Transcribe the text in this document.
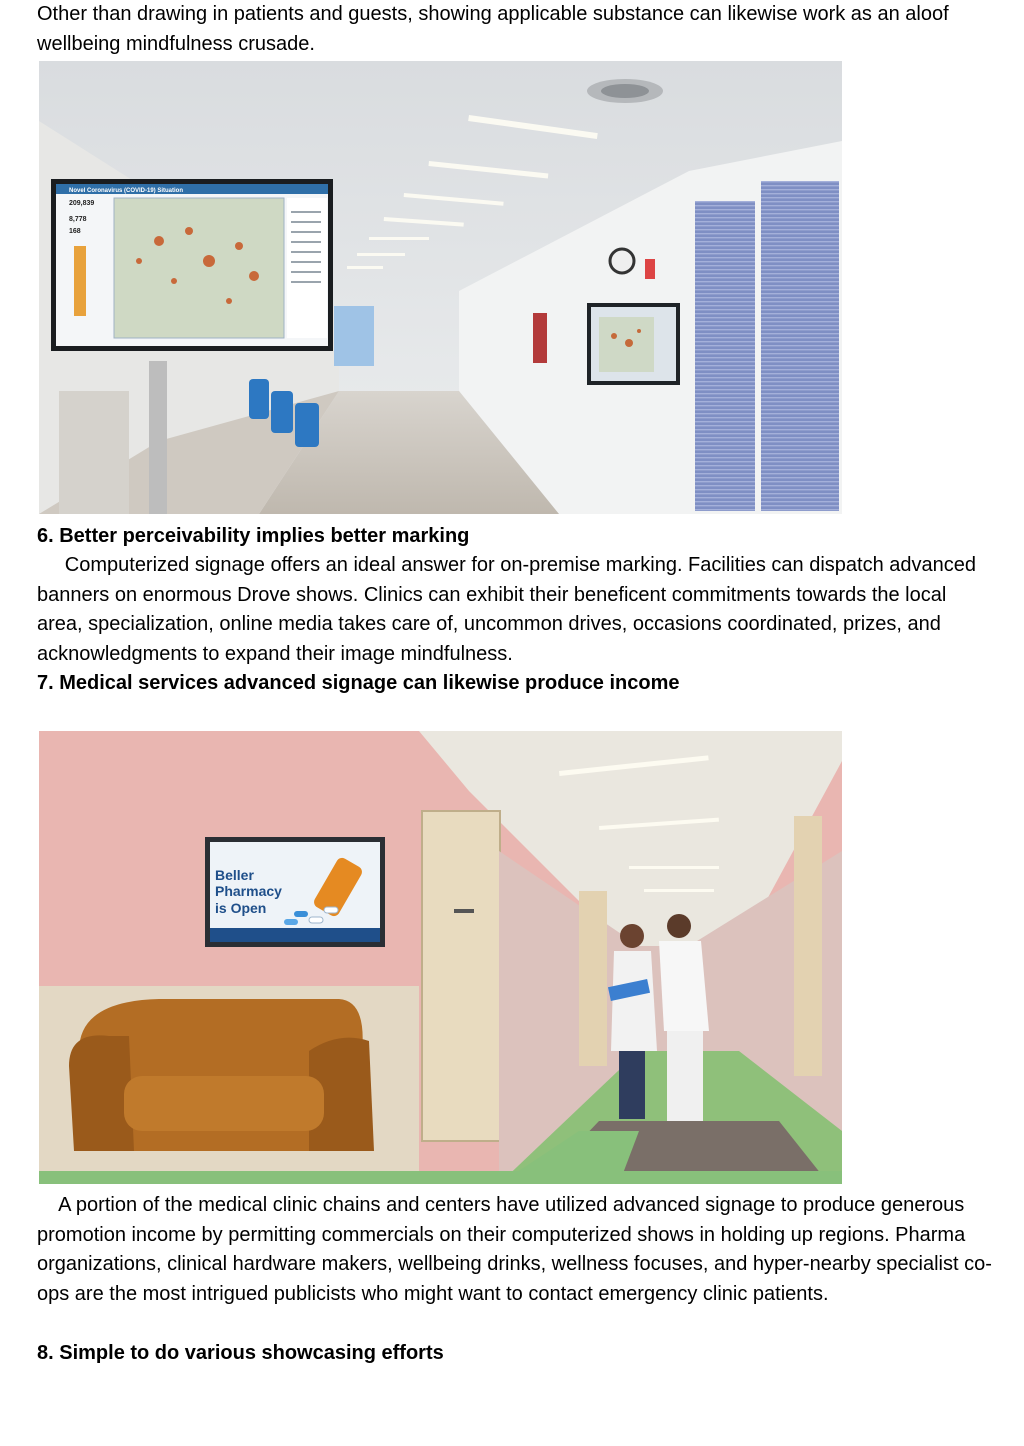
Other than drawing in patients and guests, showing applicable substance can likewise work as an aloof wellbeing mindfulness crusade.

Novel Coronavirus (COVID-19) Situation
209,839
8,778
168

6. Better perceivability implies better marking

Computerized signage offers an ideal answer for on-premise marking. Facilities can dispatch advanced banners on enormous Drove shows. Clinics can exhibit their beneficent commitments towards the local area, specialization, online media takes care of, uncommon drives, occasions coordinated, prizes, and acknowledgments to expand their image mindfulness.

7. Medical services advanced signage can likewise produce income

Beller
Pharmacy
is Open

A portion of the medical clinic chains and centers have utilized advanced signage to produce generous promotion income by permitting commercials on their computerized shows in holding up regions. Pharma organizations, clinical hardware makers, wellbeing drinks, wellness focuses, and hyper-nearby specialist co-ops are the most intrigued publicists who might want to contact emergency clinic patients.

8. Simple to do various showcasing efforts
